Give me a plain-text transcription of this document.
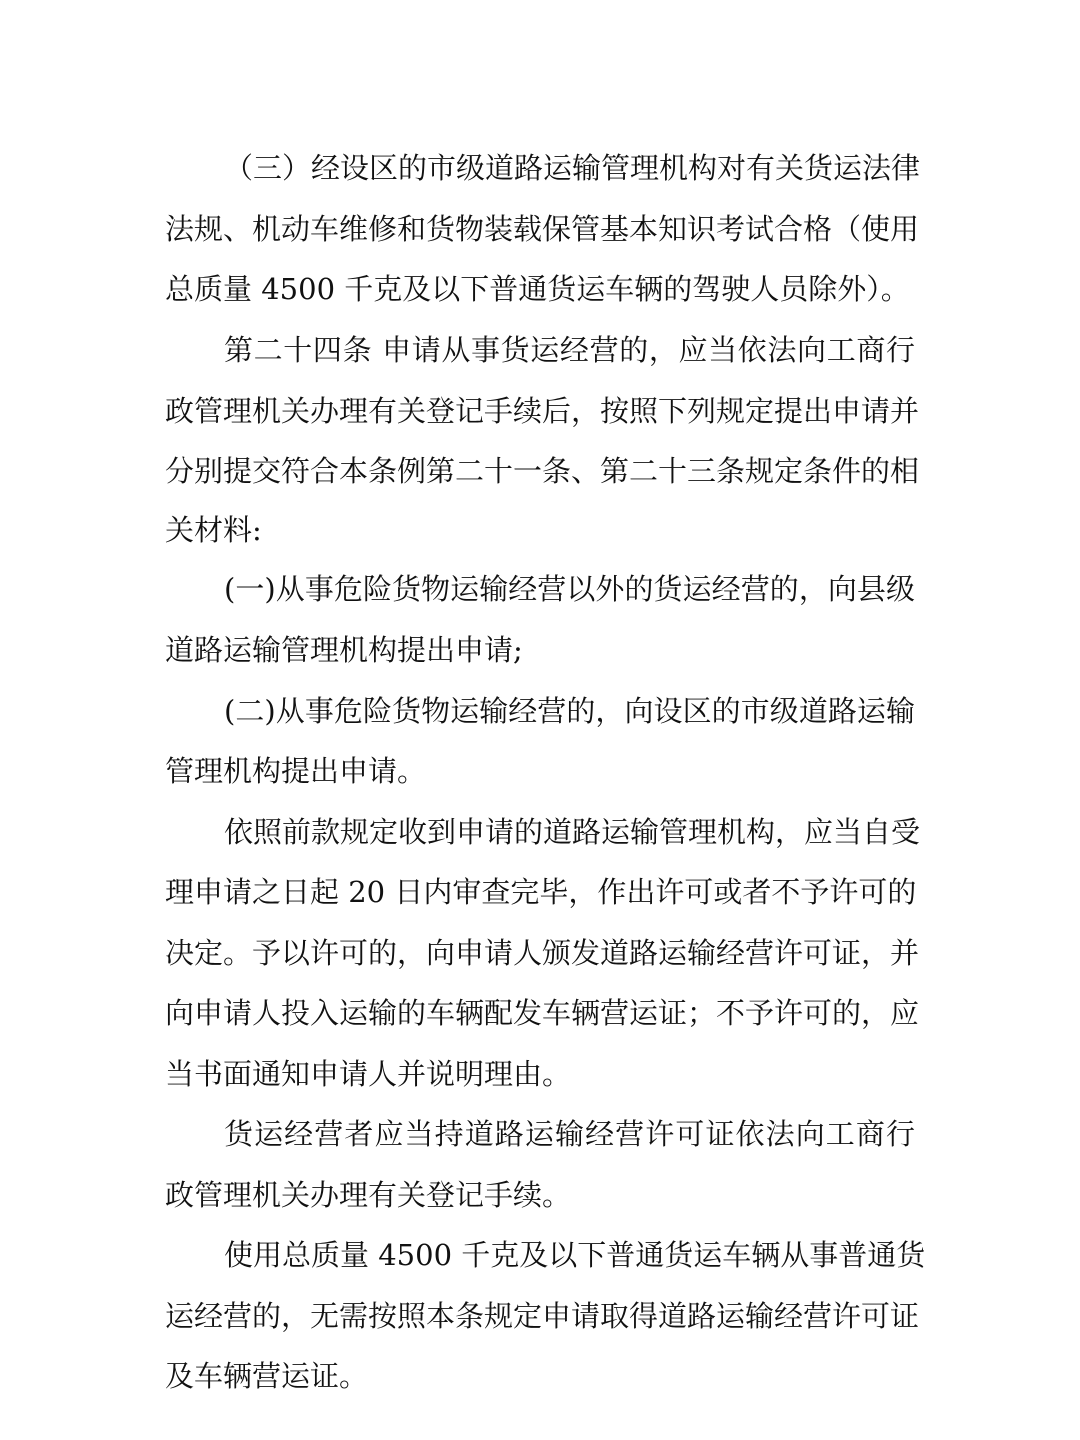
（三）经设区的市级道路运输管理机构对有关货运法律
法规、机动车维修和货物装载保管基本知识考试合格（使用
总质量 4500 千克及以下普通货运车辆的驾驶人员除外）。
第二十四条 申请从事货运经营的，应当依法向工商行
政管理机关办理有关登记手续后，按照下列规定提出申请并
分别提交符合本条例第二十一条、第二十三条规定条件的相
关材料:
(一)从事危险货物运输经营以外的货运经营的，向县级
道路运输管理机构提出申请;
(二)从事危险货物运输经营的，向设区的市级道路运输
管理机构提出申请。
依照前款规定收到申请的道路运输管理机构，应当自受
理申请之日起 20 日内审查完毕，作出许可或者不予许可的
决定。予以许可的，向申请人颁发道路运输经营许可证，并
向申请人投入运输的车辆配发车辆营运证；不予许可的，应
当书面通知申请人并说明理由。
货运经营者应当持道路运输经营许可证依法向工商行
政管理机关办理有关登记手续。
使用总质量 4500 千克及以下普通货运车辆从事普通货
运经营的，无需按照本条规定申请取得道路运输经营许可证
及车辆营运证。
